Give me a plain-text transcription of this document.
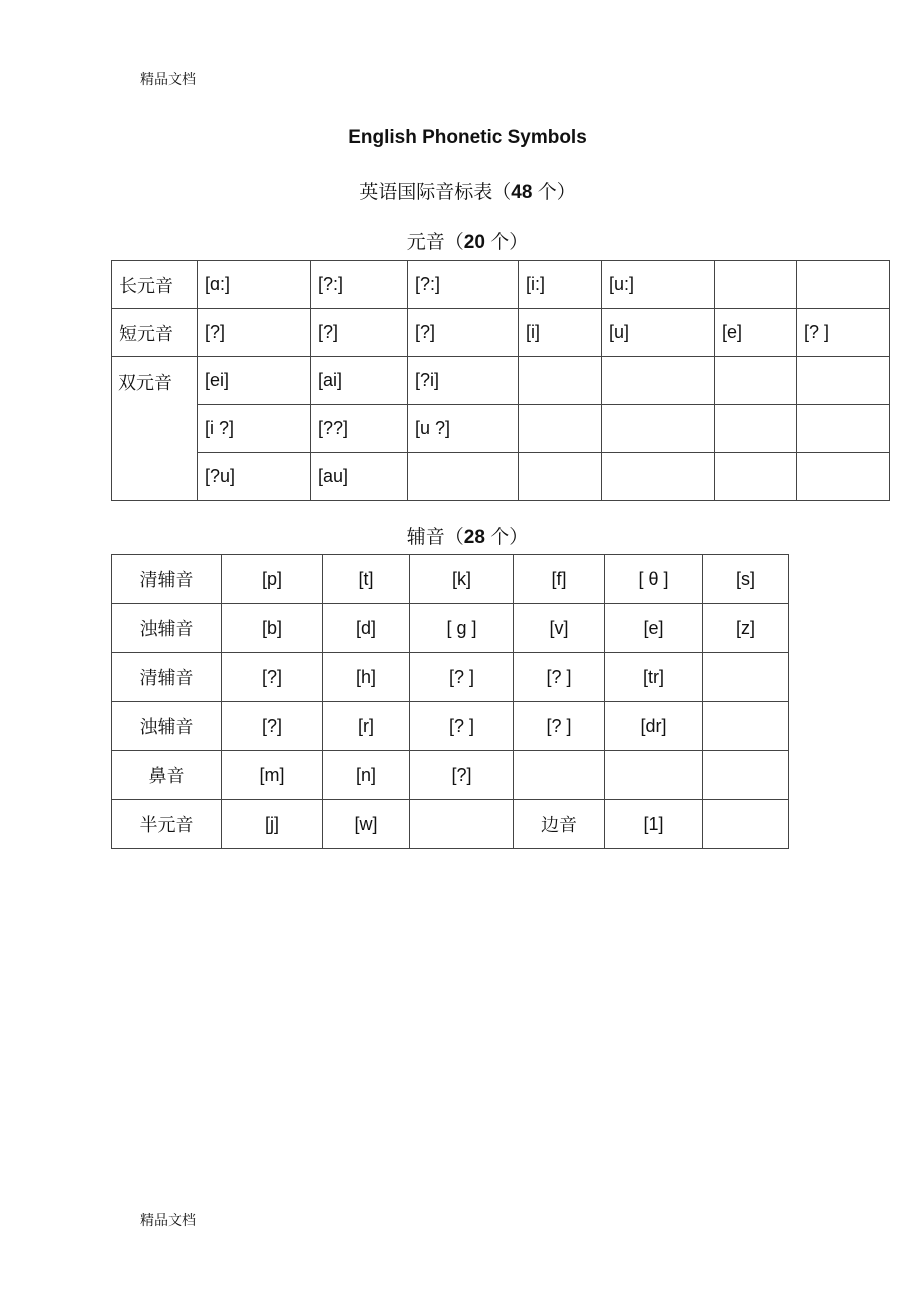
精品文档
English Phonetic Symbols
英语国际音标表（48 个）
元音（20 个）
长元音	[ɑ:]	[?:]	[?:]	[i:]	[u:]		
短元音	[?]	[?]	[?]	[i]	[u]	[e]	[? ]
双元音	[ei]	[ai]	[?i]				
	[i ?]	[??]	[u ?]				
	[?u]	[au]					
辅音（28 个）
清辅音	[p]	[t]	[k]	[f]	[ θ ]	[s]
浊辅音	[b]	[d]	[ g ]	[v]	[e]	[z]
清辅音	[?]	[h]	[? ]	[? ]	[tr]	
浊辅音	[?]	[r]	[? ]	[? ]	[dr]	
鼻音	[m]	[n]	[?]			
半元音	[j]	[w]		边音	[1]	
精品文档
